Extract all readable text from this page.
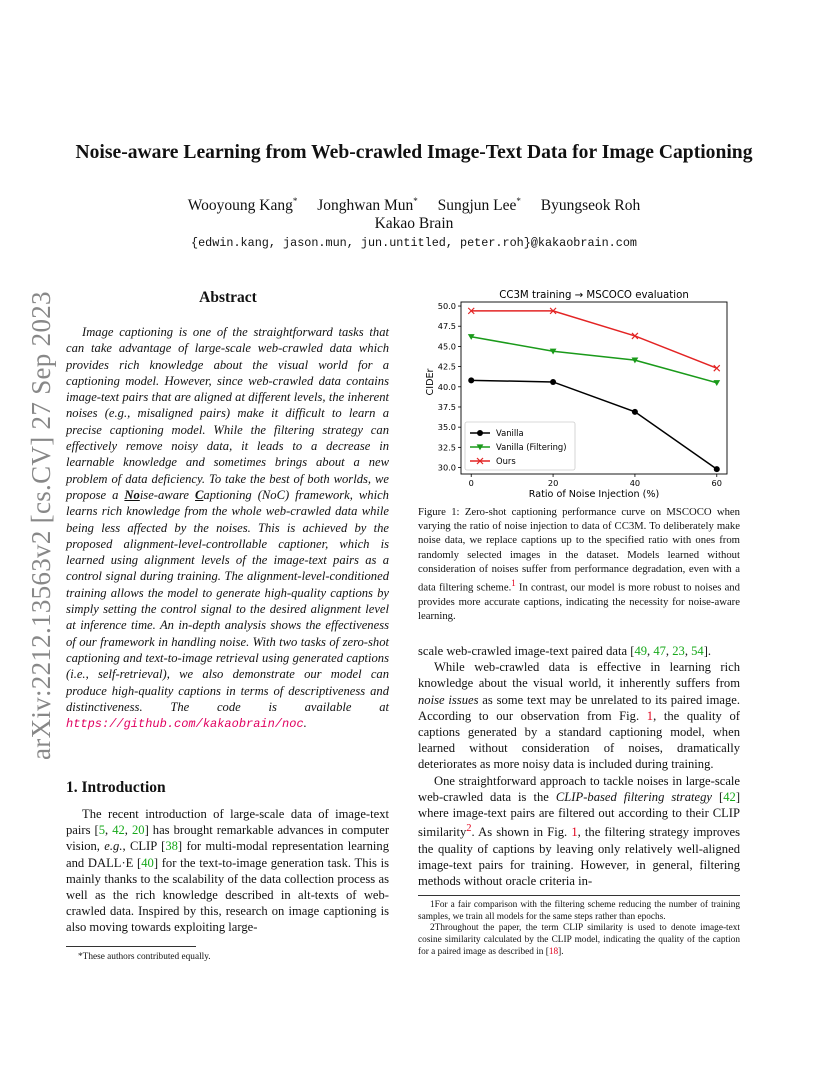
arXiv:2212.13563v2 [cs.CV] 27 Sep 2023
Noise-aware Learning from Web-crawled Image-Text Data for Image Captioning
Wooyoung Kang* Jonghwan Mun* Sungjun Lee* Byungseok Roh
Kakao Brain
{edwin.kang, jason.mun, jun.untitled, peter.roh}@kakaobrain.com
Abstract
Image captioning is one of the straightforward tasks that can take advantage of large-scale web-crawled data which provides rich knowledge about the visual world for a captioning model. However, since web-crawled data contains image-text pairs that are aligned at different levels, the inherent noises (e.g., misaligned pairs) make it difficult to learn a precise captioning model. While the filtering strategy can effectively remove noisy data, it leads to a decrease in learnable knowledge and sometimes brings about a new problem of data deficiency. To take the best of both worlds, we propose a Noise-aware Captioning (NoC) framework, which learns rich knowledge from the whole web-crawled data while being less affected by the noises. This is achieved by the proposed alignment-level-controllable captioner, which is learned using alignment levels of the image-text pairs as a control signal during training. The alignment-level-conditioned training allows the model to generate high-quality captions by simply setting the control signal to the desired alignment level at inference time. An in-depth analysis shows the effectiveness of our framework in handling noise. With two tasks of zero-shot captioning and text-to-image retrieval using generated captions (i.e., self-retrieval), we also demonstrate our model can produce high-quality captions in terms of descriptiveness and distinctiveness. The code is available at https://github.com/kakaobrain/noc.
1. Introduction
The recent introduction of large-scale data of image-text pairs [5, 42, 20] has brought remarkable advances in computer vision, e.g., CLIP [38] for multi-modal representation learning and DALL·E [40] for the text-to-image generation task. This is mainly thanks to the scalability of the data collection process as well as the rich knowledge described in alt-texts of web-crawled data. Inspired by this, research on image captioning is also moving towards exploiting large-
*These authors contributed equally.
CC3M training → MSCOCO evaluation
CIDEr
Ratio of Noise Injection (%)
30.0
32.5
35.0
37.5
40.0
42.5
45.0
47.5
50.0
0	20	40	60
Vanilla
Vanilla (Filtering)
Ours
Figure 1: Zero-shot captioning performance curve on MSCOCO when varying the ratio of noise injection to data of CC3M. To deliberately make noise data, we replace captions up to the specified ratio with ones from randomly selected images in the dataset. Models learned without consideration of noises suffer from performance degradation, even with a data filtering scheme.$^1$ In contrast, our model is more robust to noises and provides more accurate captions, indicating the necessity for noise-aware learning.

scale web-crawled image-text paired data [49, 47, 23, 54].

While web-crawled data is effective in learning rich knowledge about the visual world, it inherently suffers from noise issues as some text may be unrelated to its paired image. According to our observation from Fig. 1, the quality of captions generated by a standard captioning model, when learned without consideration of noises, dramatically deteriorates as more noisy data is included during training.

One straightforward approach to tackle noises in large-scale web-crawled data is the CLIP-based filtering strategy [42] where image-text pairs are filtered out according to their CLIP similarity$^2$. As shown in Fig. 1, the filtering strategy improves the quality of captions by leaving only relatively well-aligned image-text pairs for training. However, in general, filtering methods without oracle criteria in-

1For a fair comparison with the filtering scheme reducing the number of training samples, we train all models for the same steps rather than epochs.

2Throughout the paper, the term CLIP similarity is used to denote image-text cosine similarity calculated by the CLIP model, indicating the quality of the caption for a paired image as described in [18].
